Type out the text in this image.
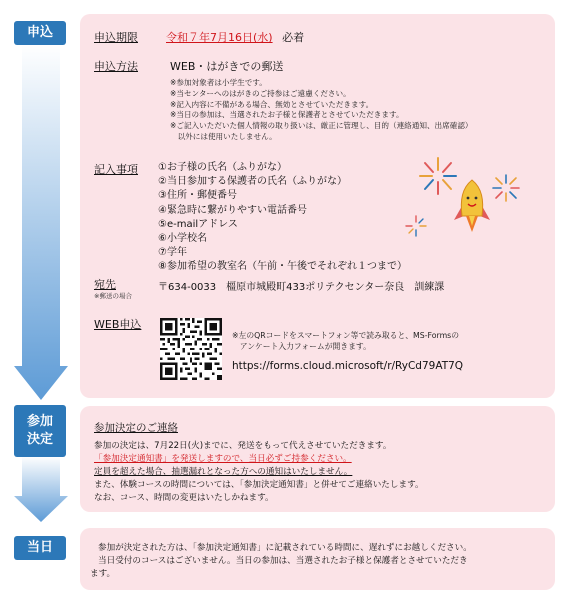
申込
参加
決定
当日
申込期限	令和７年7月16日(水) 必着
申込方法	WEB・はがきでの郵送
※参加対象者は小学生です。
※当センターへのはがきのご持参はご遠慮ください。
※記入内容に不備がある場合、無効とさせていただきます。
※当日の参加は、当選されたお子様と保護者とさせていただきます。
※ご記入いただいた個人情報の取り扱いは、厳正に管理し、目的（連絡通知、出席確認）
　以外には使用いたしません。
記入事項 ①お子様の氏名（ふりがな）
②当日参加する保護者の氏名（ふりがな）
③住所・郵便番号
④緊急時に繋がりやすい電話番号
⑤e-mailアドレス
⑥小学校名
⑦学年
⑧参加希望の教室名（午前・午後でそれぞれ１つまで）
宛先
※郵送の場合
〒634-0033　橿原市城殿町433ポリテクセンター奈良　訓練課
WEB申込
※左のQRコードをスマートフォン等で読み取ると、MS-Formsの
　アンケート入力フォームが開きます。
https://forms.cloud.microsoft/r/RyCd79AT7Q
参加決定のご連絡
参加の決定は、7月22日(火)までに、発送をもって代えさせていただきます。
「参加決定通知書」を発送しますので、当日必ずご持参ください。
定員を超えた場合、抽選漏れとなった方への通知はいたしません。
また、体験コースの時間については、「参加決定通知書」と併せてご連絡いたします。
なお、コース、時間の変更はいたしかねます。
参加が決定された方は、「参加決定通知書」に記載されている時間に、遅れずにお越しください。
当日受付のコースはございません。当日の参加は、当選されたお子様と保護者とさせていただき
ます。
